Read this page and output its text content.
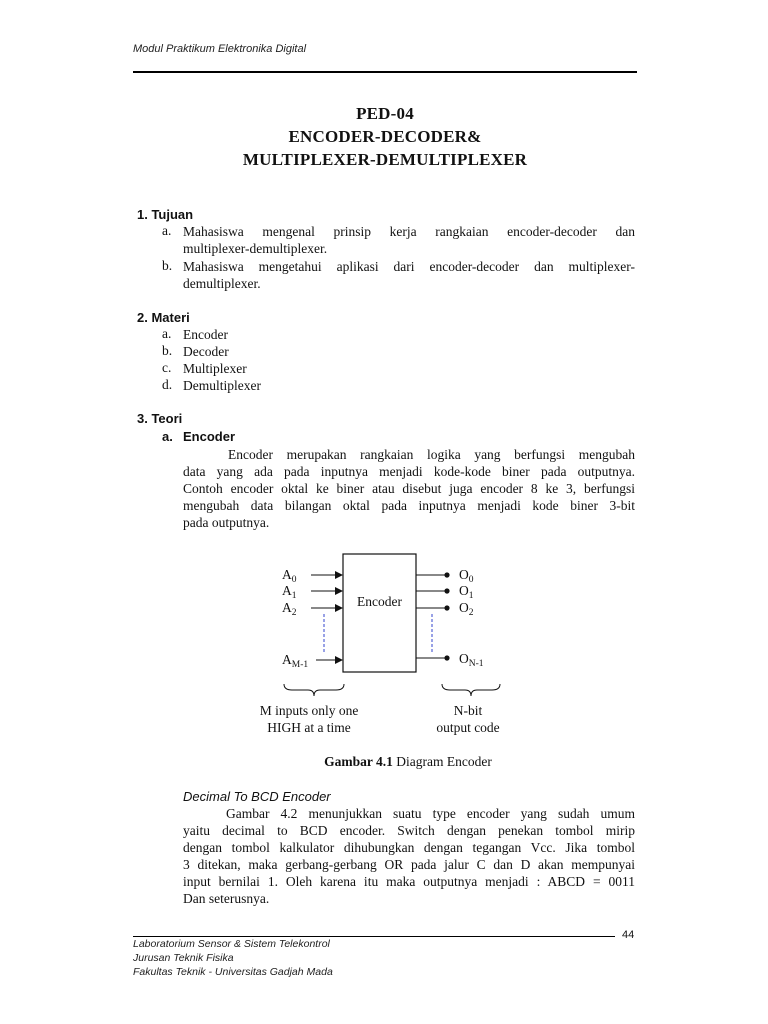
Modul Praktikum Elektronika Digital
PED-04
ENCODER-DECODER&
MULTIPLEXER-DEMULTIPLEXER
1. Tujuan
a. Mahasiswa mengenal prinsip kerja rangkaian encoder-decoder dan
multiplexer-demultiplexer.
b. Mahasiswa mengetahui aplikasi dari encoder-decoder dan multiplexer-
demultiplexer.
2. Materi
a. Encoder
b. Decoder
c. Multiplexer
d. Demultiplexer
3. Teori
a. Encoder
Encoder merupakan rangkaian logika yang berfungsi mengubah
data yang ada pada inputnya menjadi kode-kode biner pada outputnya.
Contoh encoder oktal ke biner atau disebut juga encoder 8 ke 3, berfungsi
mengubah data bilangan oktal pada inputnya menjadi kode biner 3-bit
pada outputnya.
Encoder
$A_0$
$A_1$
$A_2$
$A_{M-1}$
$O_0$
$O_1$
$O_2$
$O_{N-1}$
M inputs only one
HIGH at a time
N-bit
output code
Gambar 4.1 Diagram Encoder
Decimal To BCD Encoder
Gambar 4.2 menunjukkan suatu type encoder yang sudah umum
yaitu decimal to BCD encoder. Switch dengan penekan tombol mirip
dengan tombol kalkulator dihubungkan dengan tegangan Vcc. Jika tombol
3 ditekan, maka gerbang-gerbang OR pada jalur C dan D akan mempunyai
input bernilai 1. Oleh karena itu maka outputnya menjadi : ABCD = 0011
Dan seterusnya.
44
Laboratorium Sensor & Sistem Telekontrol
Jurusan Teknik Fisika
Fakultas Teknik - Universitas Gadjah Mada
